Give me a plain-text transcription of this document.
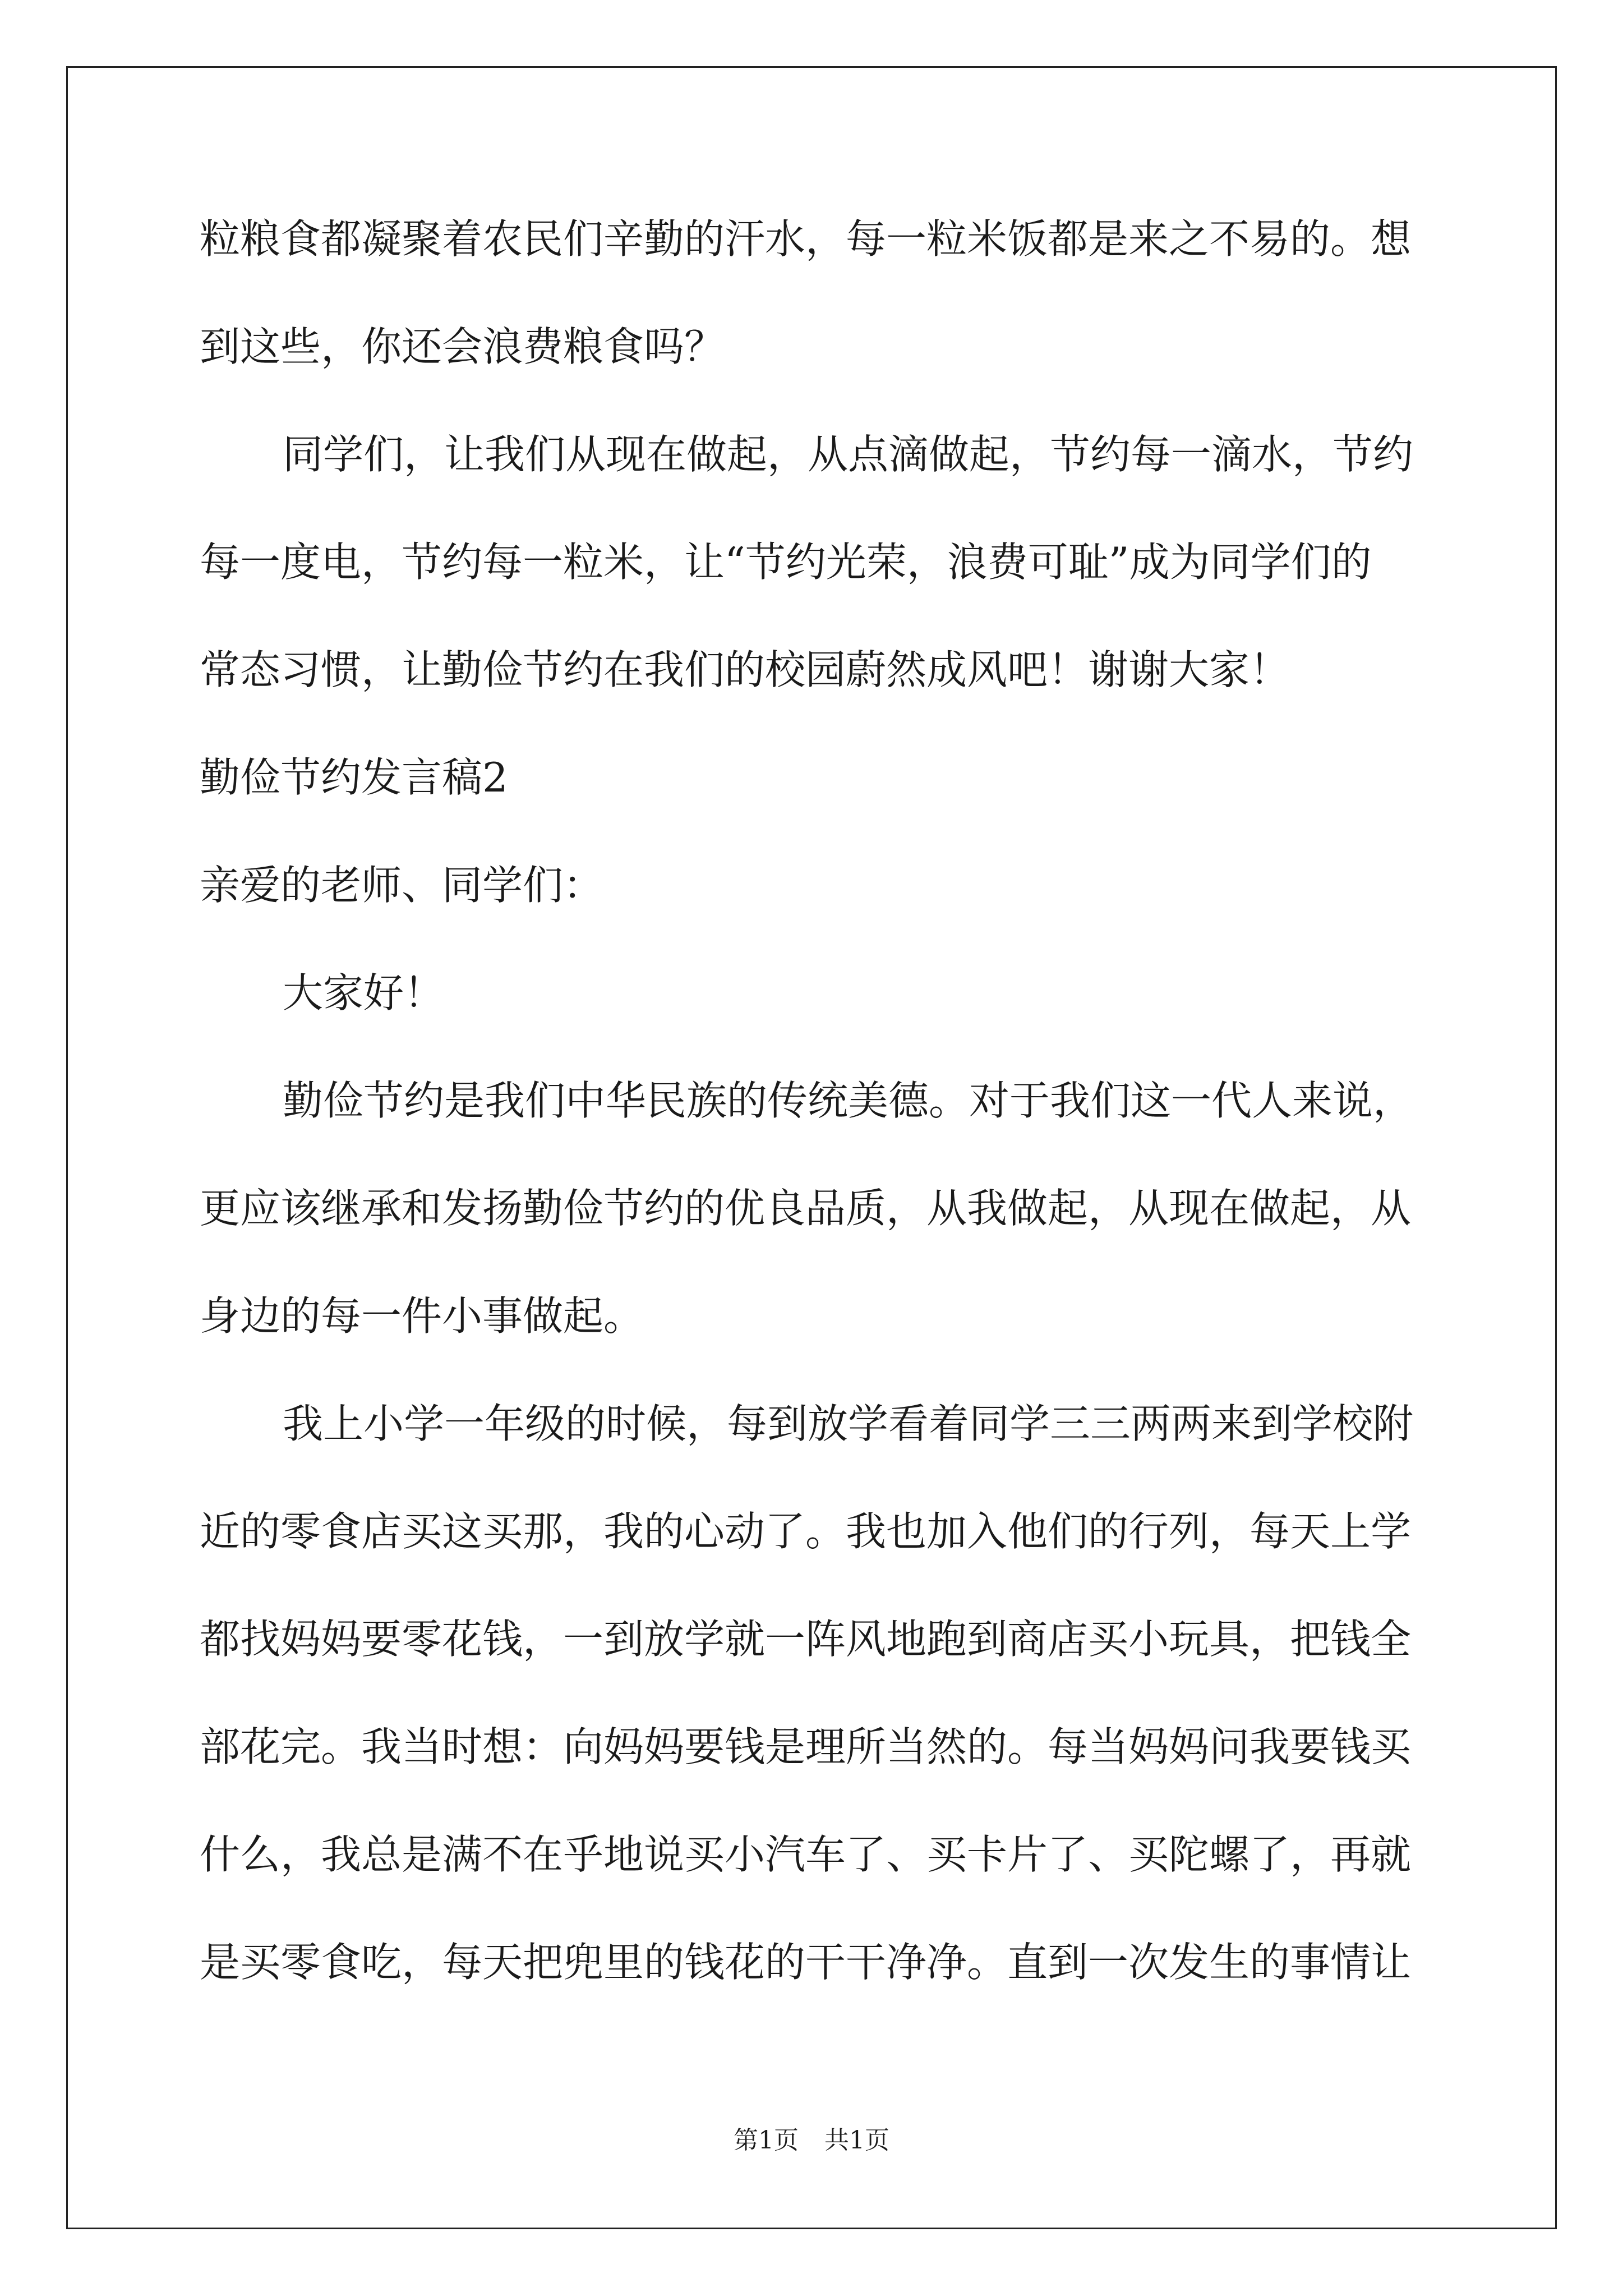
粒粮食都凝聚着农民们辛勤的汗水，每一粒米饭都是来之不易的。想
到这些，你还会浪费粮食吗？
同学们，让我们从现在做起，从点滴做起，节约每一滴水，节约
每一度电，节约每一粒米，让“节约光荣，浪费可耻”成为同学们的
常态习惯，让勤俭节约在我们的校园蔚然成风吧！谢谢大家！
勤俭节约发言稿2
亲爱的老师、同学们：
大家好！
勤俭节约是我们中华民族的传统美德。对于我们这一代人来说，
更应该继承和发扬勤俭节约的优良品质，从我做起，从现在做起，从
身边的每一件小事做起。
我上小学一年级的时候，每到放学看着同学三三两两来到学校附
近的零食店买这买那，我的心动了。我也加入他们的行列，每天上学
都找妈妈要零花钱，一到放学就一阵风地跑到商店买小玩具，把钱全
部花完。我当时想：向妈妈要钱是理所当然的。每当妈妈问我要钱买
什么，我总是满不在乎地说买小汽车了、买卡片了、买陀螺了，再就
是买零食吃，每天把兜里的钱花的干干净净。直到一次发生的事情让
第1页 共1页
